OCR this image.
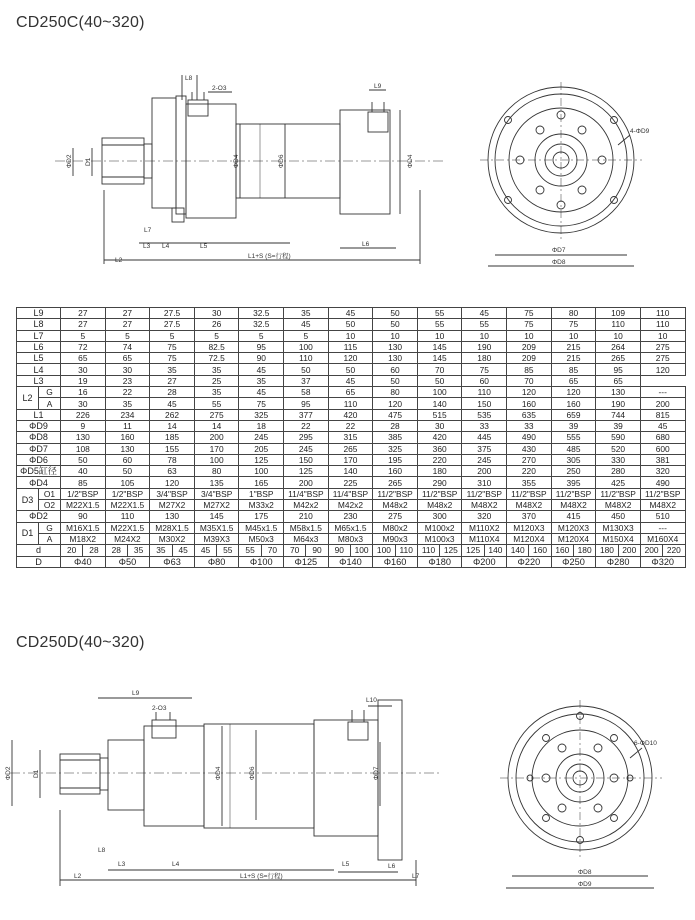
CD250C(40~320)
CD250D(40~320)
L8
2-O3	L9
ΦD2 D1	ΦD4	ΦD6	ΦD4
L7
L3 L4	L5	L6
L2
L1+S (S=行程)
4-ΦD9
ΦD7
ΦD8
L9		27		27		27.5		30		32.5		35		45		50		55		45		75		80		109		110	
L8		27		27		27.5		26		32.5		45		50		50		55		55		75		75		110		110	
L7		5		5		5		5		5		5		10		10		10		10		10		10		10		10	
L6		72		74		75		82.5		95		100		115		130		145		190		209		215		264		275	
L5		65		65		75		72.5		90		110		120		130		145		180		209		215		265		275	
L4		30		30		35		35		45		50		50		60		70		75		85		85		95		120	
L3		19		23		27		25		35		37		45		50		50		60		70		65		65			
L2	G	16		22		28		35		45		58		65		80		100		110		120		120		130		---	
	A	30		35		45		55		75		95		110		120		140		150		160		160		190		200	
L1		226		234		262		275		325		377		420		475		515		535		635		659		744		815	
ΦD9		9		11		14		14		18		22		22		28		30		33		33		39		39		45	
ΦD8		130		160		185		200		245		295		315		385		420		445		490		555		590		680	
ΦD7		108		130		155		170		205		245		265		325		360		375		430		485		520		600	
ΦD6		50		60		78		100		125		150		170		195		220		245		270		305		330		381	
ΦD5缸径		40		50		63		80		100		125		140		160		180		200		220		250		280		320	
ΦD4		85		105		120		135		165		200		225		265		290		310		355		395		425		490	
D3	O1	1/2"BSP		1/2"BSP		3/4"BSP		3/4"BSP		1"BSP		11/4"BSP		11/4"BSP		11/2"BSP		11/2"BSP		11/2"BSP		11/2"BSP		11/2"BSP		11/2"BSP		11/2"BSP	
	O2	M22X1.5		M22X1.5		M27X2		M27X2		M33x2		M42x2		M42x2		M48x2		M48x2		M48X2		M48X2		M48X2		M48X2		M48X2	
ΦD2		90		110		130		145		175		210		230		275		300		320		370		415		450		510	
D1	G	M16X1.5		M22X1.5		M28X1.5		M35X1.5		M45x1.5		M58x1.5		M65x1.5		M80x2		M100x2		M110X2		M120X3		M120X3		M130X3		---	
	A	M18X2		M24X2		M30X2		M39X3		M50x3		M64x3		M80x3		M90x3		M100x3		M110X4		M120X4		M120X4		M150X4		M160X4	
d		20	28	28	35	35	45	45	55	55	70	70	90	90	100	100	110	110	125	125	140	140	160	160	180	180	200	200	220
D		Φ40		Φ50		Φ63		Φ80		Φ100		Φ125		Φ140		Φ160		Φ180		Φ200		Φ220		Φ250		Φ280		Φ320	
L9
2-O3
L10
ΦD2	D1	ΦD4	ΦD6	ΦD7
L8
L3	L4	L5	L6
L2	L7
L1+S (S=行程)
6-ΦD10
ΦD8
ΦD9
